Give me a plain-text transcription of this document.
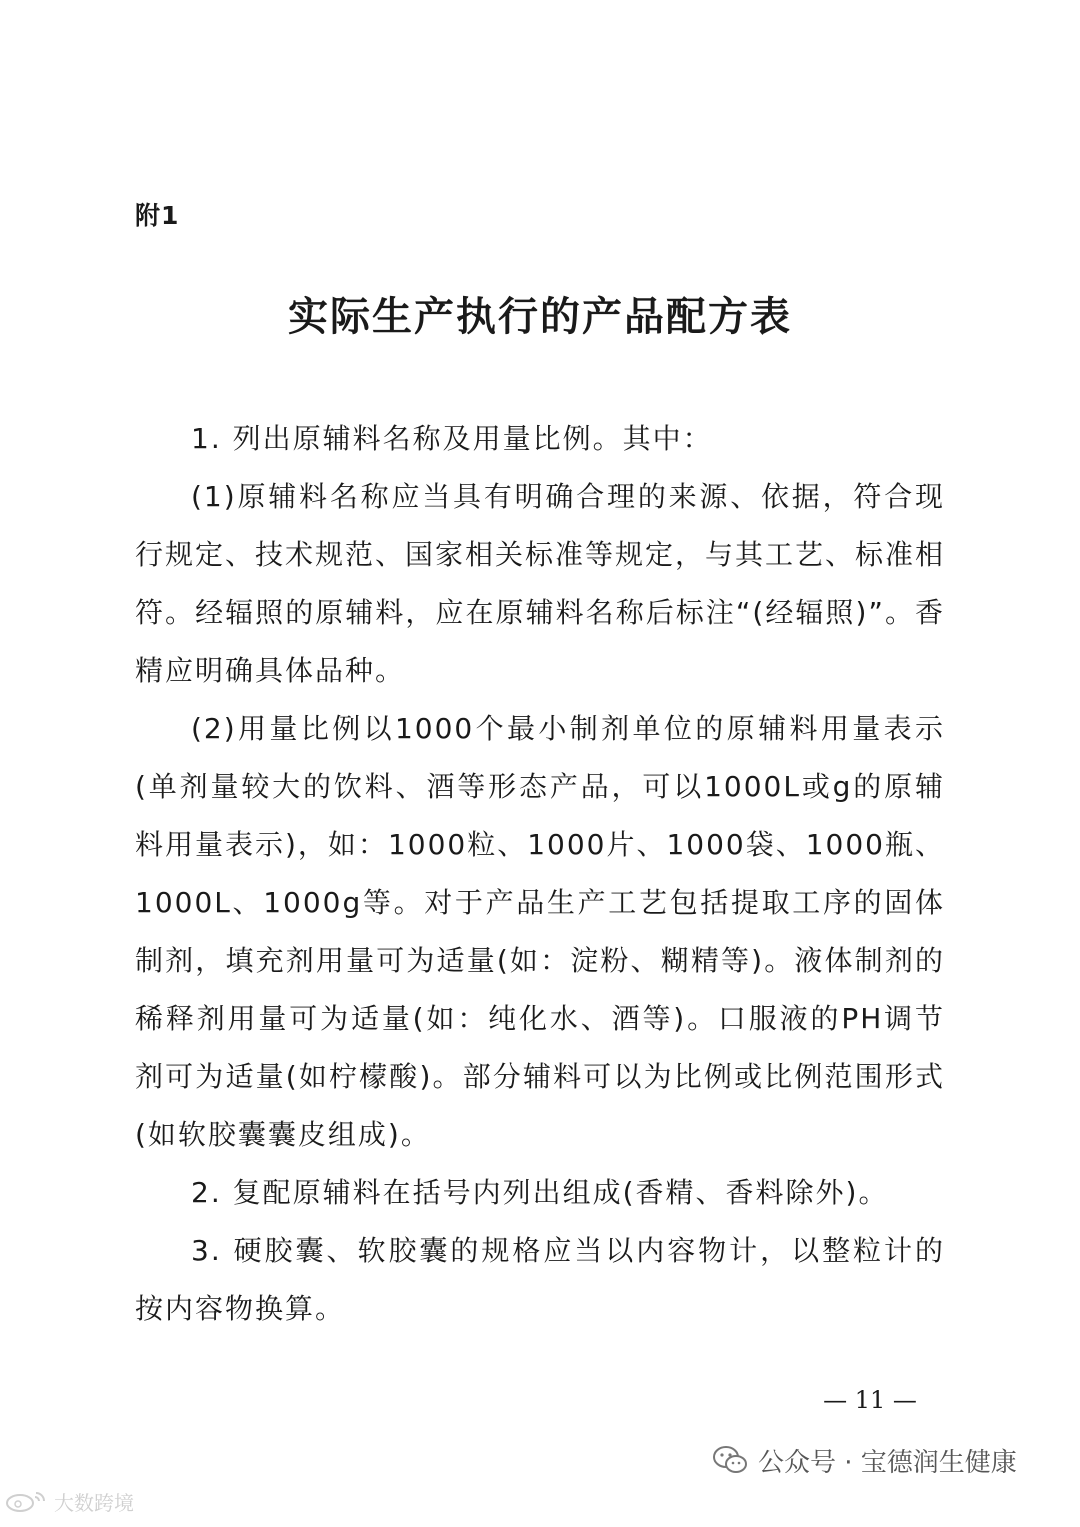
附1
实际生产执行的产品配方表

1. 列出原辅料名称及用量比例。其中：

(1)原辅料名称应当具有明确合理的来源、依据，符合现行规定、技术规范、国家相关标准等规定，与其工艺、标准相符。经辐照的原辅料，应在原辅料名称后标注“(经辐照)”。香精应明确具体品种。

(2)用量比例以1000个最小制剂单位的原辅料用量表示(单剂量较大的饮料、酒等形态产品，可以1000L或g的原辅料用量表示)，如：1000粒、1000片、1000袋、1000瓶、1000L、1000g等。对于产品生产工艺包括提取工序的固体制剂，填充剂用量可为适量(如：淀粉、糊精等)。液体制剂的稀释剂用量可为适量(如：纯化水、酒等)。口服液的PH调节剂可为适量(如柠檬酸)。部分辅料可以为比例或比例范围形式(如软胶囊囊皮组成)。

2. 复配原辅料在括号内列出组成(香精、香料除外)。

3. 硬胶囊、软胶囊的规格应当以内容物计，以整粒计的按内容物换算。

— 11 —
公众号 · 宝德润生健康
大数跨境
